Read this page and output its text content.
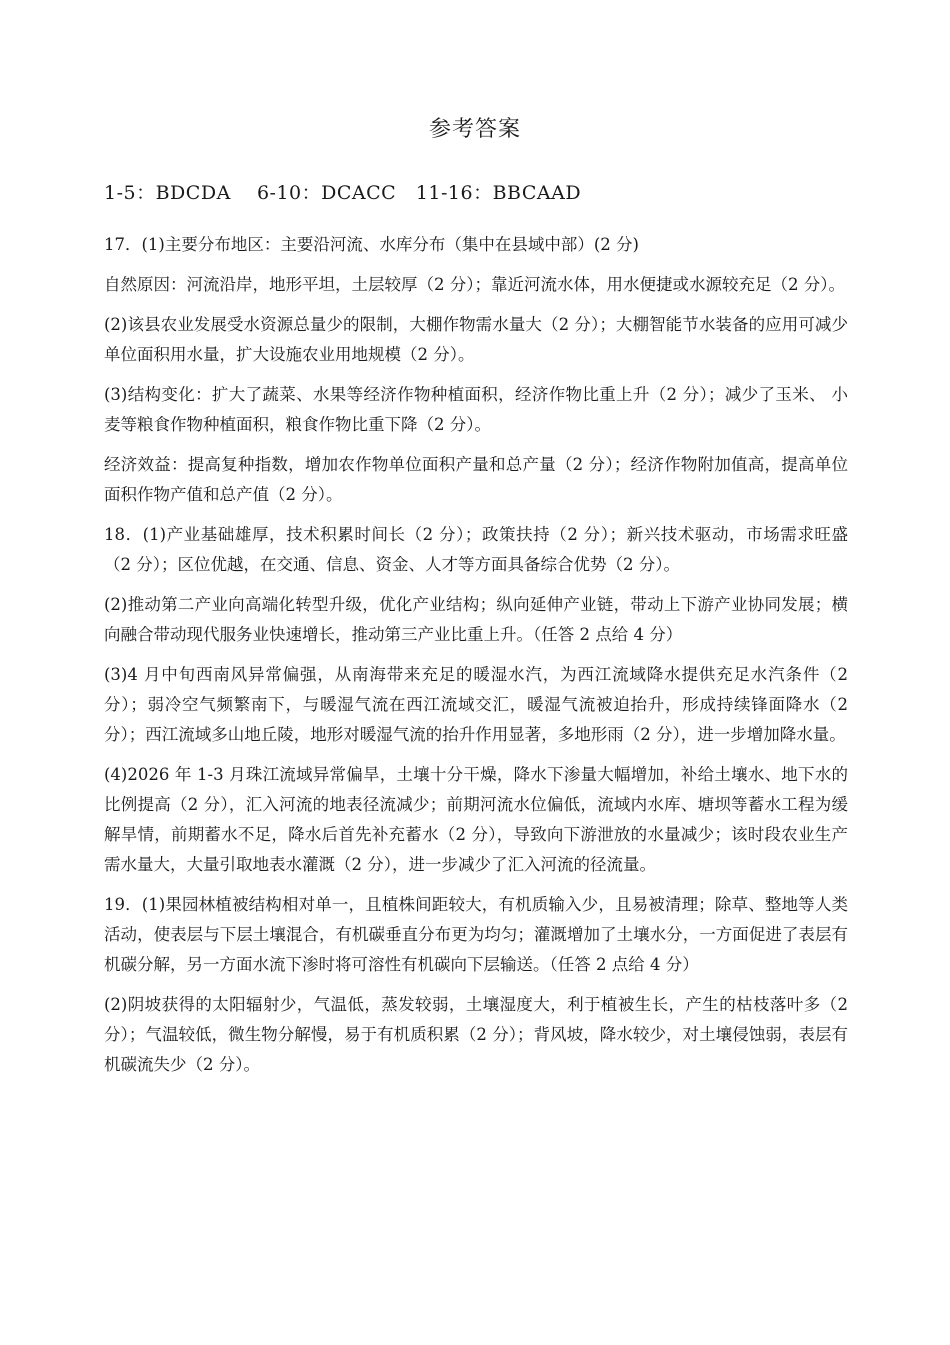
参考答案
1-5：BDCDA    6-10：DCACC   11-16：BBCAAD

17．(1)主要分布地区：主要沿河流、水库分布（集中在县域中部）(2 分)

自然原因：河流沿岸，地形平坦，土层较厚（2 分）；靠近河流水体，用水便捷或水源较充足（2 分）。

(2)该县农业发展受水资源总量少的限制，大棚作物需水量大（2 分）；大棚智能节水装备的应用可减少单位面积用水量，扩大设施农业用地规模（2 分）。

(3)结构变化：扩大了蔬菜、水果等经济作物种植面积，经济作物比重上升（2 分）；减少了玉米、 小麦等粮食作物种植面积，粮食作物比重下降（2 分）。

经济效益：提高复种指数，增加农作物单位面积产量和总产量（2 分）；经济作物附加值高，提高单位面积作物产值和总产值（2 分）。

18．(1)产业基础雄厚，技术积累时间长（2 分）；政策扶持（2 分）；新兴技术驱动，市场需求旺盛（2 分）；区位优越，在交通、信息、资金、人才等方面具备综合优势（2 分）。

(2)推动第二产业向高端化转型升级，优化产业结构；纵向延伸产业链，带动上下游产业协同发展；横向融合带动现代服务业快速增长，推动第三产业比重上升。（任答 2 点给 4 分）

(3)4 月中旬西南风异常偏强，从南海带来充足的暖湿水汽，为西江流域降水提供充足水汽条件（2 分）；弱冷空气频繁南下，与暖湿气流在西江流域交汇，暖湿气流被迫抬升，形成持续锋面降水（2 分）；西江流域多山地丘陵，地形对暖湿气流的抬升作用显著，多地形雨（2 分），进一步增加降水量。

(4)2026 年 1-3 月珠江流域异常偏旱，土壤十分干燥，降水下渗量大幅增加，补给土壤水、地下水的比例提高（2 分），汇入河流的地表径流减少；前期河流水位偏低，流域内水库、塘坝等蓄水工程为缓解旱情，前期蓄水不足，降水后首先补充蓄水（2 分），导致向下游泄放的水量减少；该时段农业生产需水量大，大量引取地表水灌溉（2 分），进一步减少了汇入河流的径流量。

19．(1)果园林植被结构相对单一，且植株间距较大，有机质输入少，且易被清理；除草、整地等人类活动，使表层与下层土壤混合，有机碳垂直分布更为均匀；灌溉增加了土壤水分，一方面促进了表层有机碳分解，另一方面水流下渗时将可溶性有机碳向下层输送。（任答 2 点给 4 分）

(2)阴坡获得的太阳辐射少，气温低，蒸发较弱，土壤湿度大，利于植被生长，产生的枯枝落叶多（2 分）；气温较低，微生物分解慢，易于有机质积累（2 分）；背风坡，降水较少，对土壤侵蚀弱，表层有机碳流失少（2 分）。
